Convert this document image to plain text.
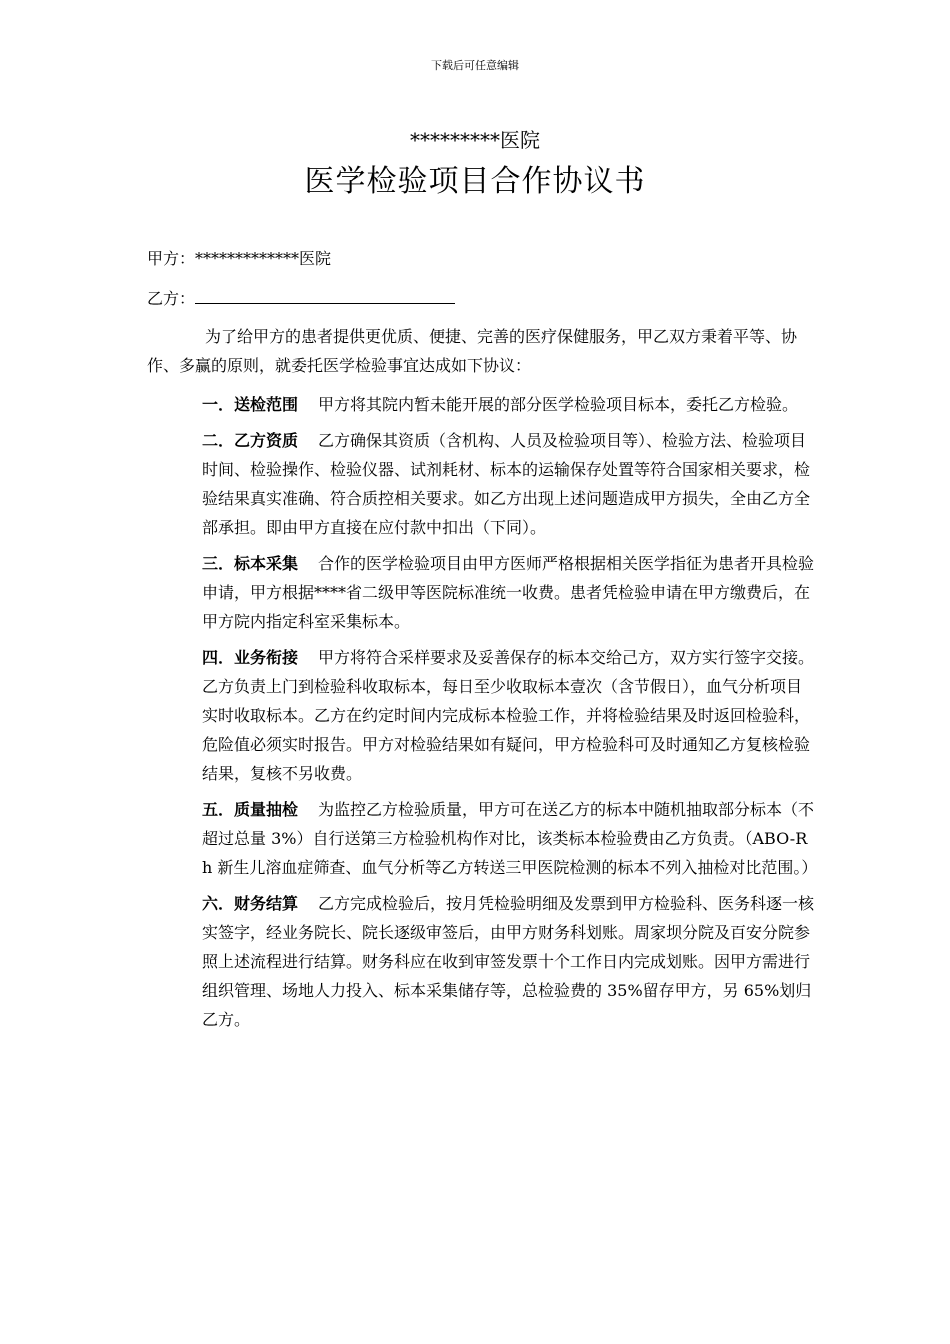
下载后可任意编辑
*********医院
医学检验项目合作协议书
甲方：*************医院
乙方：

为了给甲方的患者提供更优质、便捷、完善的医疗保健服务，甲乙双方秉着平等、协作、多赢的原则，就委托医学检验事宜达成如下协议：

一．送检范围 甲方将其院内暂未能开展的部分医学检验项目标本，委托乙方检验。

二．乙方资质 乙方确保其资质（含机构、人员及检验项目等）、检验方法、检验项目时间、检验操作、检验仪器、试剂耗材、标本的运输保存处置等符合国家相关要求，检验结果真实准确、符合质控相关要求。如乙方出现上述问题造成甲方损失，全由乙方全部承担。即由甲方直接在应付款中扣出（下同）。

三．标本采集 合作的医学检验项目由甲方医师严格根据相关医学指征为患者开具检验申请，甲方根据****省二级甲等医院标准统一收费。患者凭检验申请在甲方缴费后，在甲方院内指定科室采集标本。

四．业务衔接 甲方将符合采样要求及妥善保存的标本交给己方，双方实行签字交接。乙方负责上门到检验科收取标本，每日至少收取标本壹次（含节假日），血气分析项目实时收取标本。乙方在约定时间内完成标本检验工作，并将检验结果及时返回检验科，危险值必须实时报告。甲方对检验结果如有疑问，甲方检验科可及时通知乙方复核检验结果，复核不另收费。

五．质量抽检 为监控乙方检验质量，甲方可在送乙方的标本中随机抽取部分标本（不超过总量 3%）自行送第三方检验机构作对比，该类标本检验费由乙方负责。（ABO-Rh 新生儿溶血症筛查、血气分析等乙方转送三甲医院检测的标本不列入抽检对比范围。）

六．财务结算 乙方完成检验后，按月凭检验明细及发票到甲方检验科、医务科逐一核实签字，经业务院长、院长逐级审签后，由甲方财务科划账。周家坝分院及百安分院参照上述流程进行结算。财务科应在收到审签发票十个工作日内完成划账。因甲方需进行组织管理、场地人力投入、标本采集储存等，总检验费的 35%留存甲方，另 65%划归乙方。
